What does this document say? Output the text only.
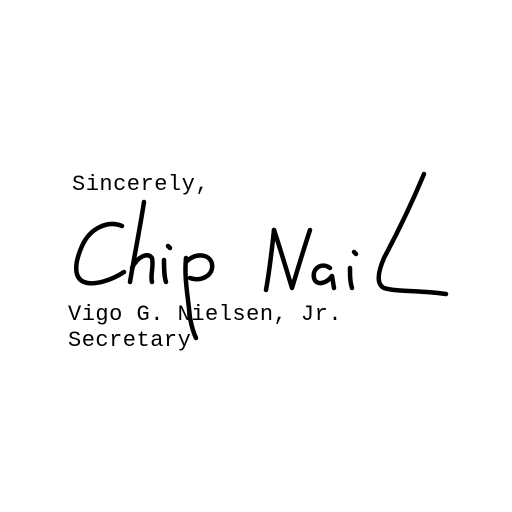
Sincerely,
Vigo G. Nielsen, Jr.
Secretary
